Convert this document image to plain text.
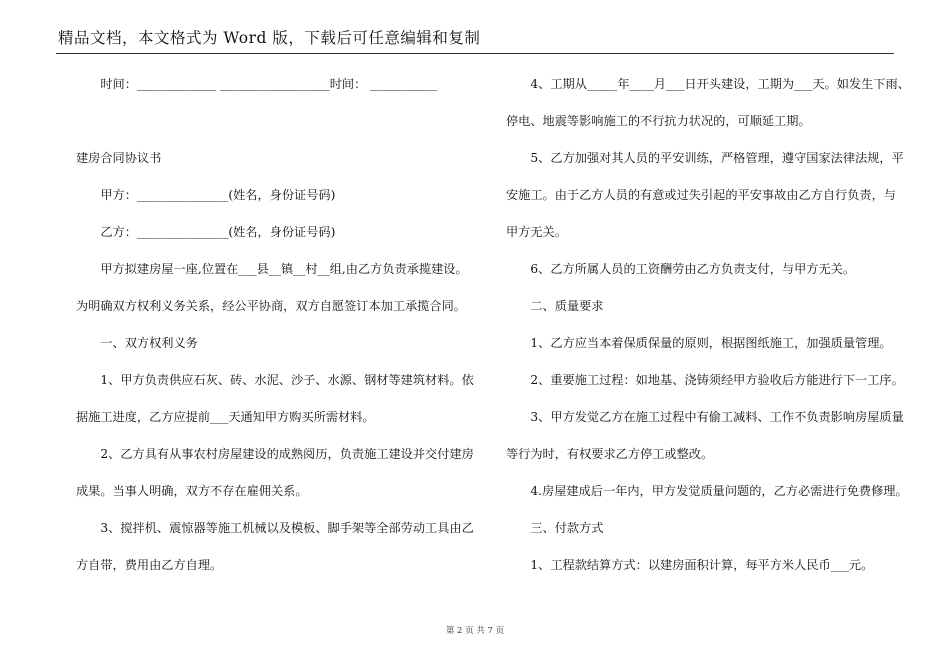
精品文档，本文格式为 Word 版，下载后可任意编辑和复制
　　时间：_____________ __________________时间： ___________
建房合同协议书
　　甲方：_______________(姓名，身份证号码)
　　乙方：_______________(姓名，身份证号码)
　　甲方拟建房屋一座,位置在___县__镇__村__组,由乙方负责承揽建设。
为明确双方权利义务关系，经公平协商，双方自愿签订本加工承揽合同。
　　一、双方权利义务
　　1、甲方负责供应石灰、砖、水泥、沙子、水源、钢材等建筑材料。依
据施工进度，乙方应提前___天通知甲方购买所需材料。
　　2、乙方具有从事农村房屋建设的成熟阅历，负责施工建设并交付建房
成果。当事人明确，双方不存在雇佣关系。
　　3、搅拌机、震惊器等施工机械以及模板、脚手架等全部劳动工具由乙
方自带，费用由乙方自理。
　　4、工期从_____年____月___日开头建设，工期为___天。如发生下雨、
停电、地震等影响施工的不行抗力状况的，可顺延工期。
　　5、乙方加强对其人员的平安训练，严格管理，遵守国家法律法规，平
安施工。由于乙方人员的有意或过失引起的平安事故由乙方自行负责，与
甲方无关。
　　6、乙方所属人员的工资酬劳由乙方负责支付，与甲方无关。
　　二、质量要求
　　1、乙方应当本着保质保量的原则，根据图纸施工，加强质量管理。
　　2、重要施工过程：如地基、浇铸须经甲方验收后方能进行下一工序。
　　3、甲方发觉乙方在施工过程中有偷工减料、工作不负责影响房屋质量
等行为时，有权要求乙方停工或整改。
　　4.房屋建成后一年内，甲方发觉质量问题的，乙方必需进行免费修理。
　　三、付款方式
　　1、工程款结算方式：以建房面积计算，每平方米人民币___元。
第 2 页 共 7 页
